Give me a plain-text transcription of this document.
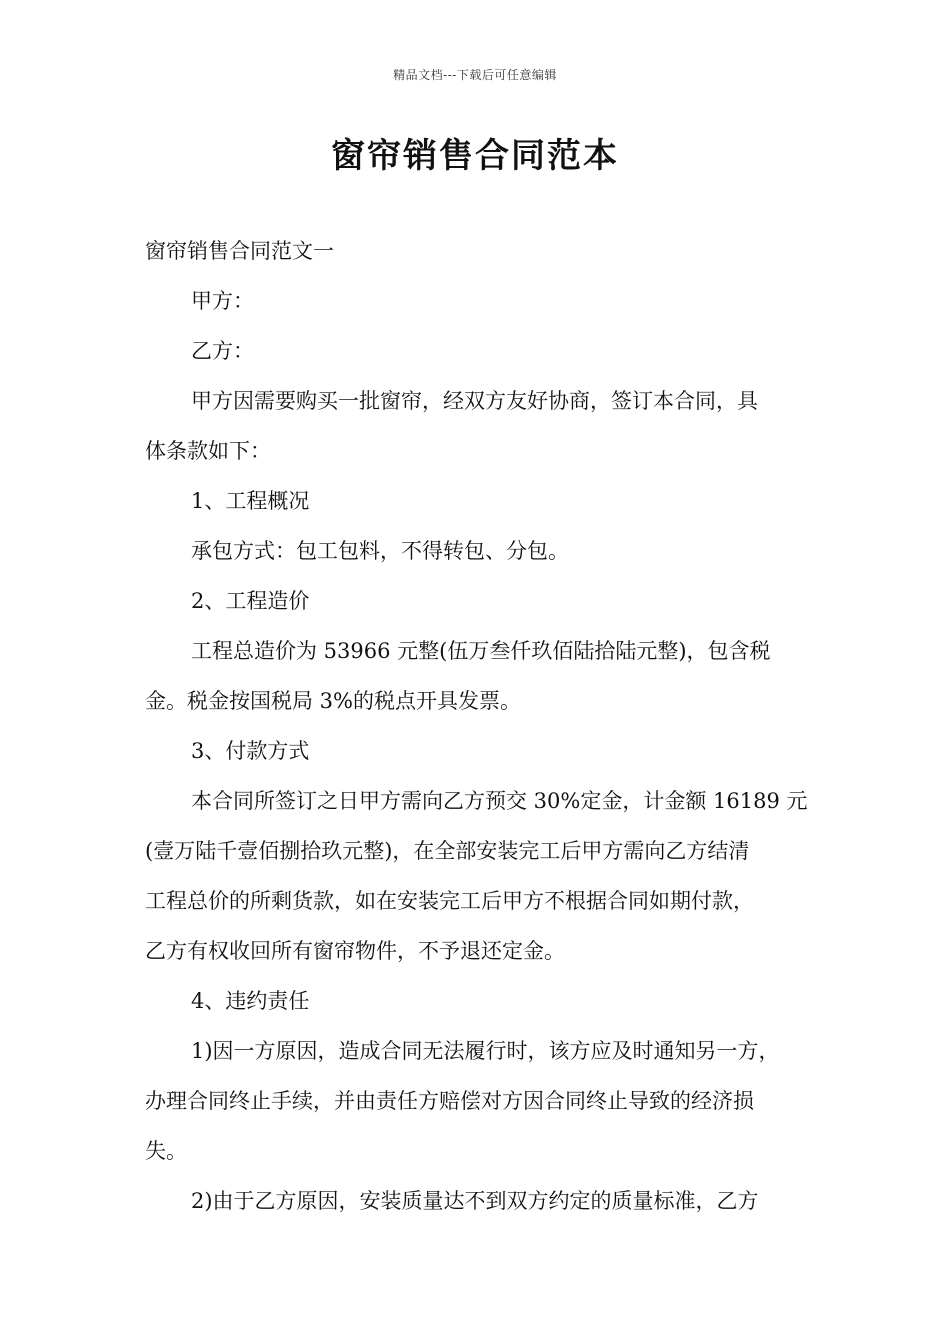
精品文档---下载后可任意编辑
窗帘销售合同范本

窗帘销售合同范文一

甲方：

乙方：

甲方因需要购买一批窗帘，经双方友好协商，签订本合同，具

体条款如下：

1、工程概况

承包方式：包工包料，不得转包、分包。

2、工程造价

工程总造价为 53966 元整(伍万叁仟玖佰陆拾陆元整)，包含税

金。税金按国税局 3%的税点开具发票。

3、付款方式

本合同所签订之日甲方需向乙方预交 30%定金，计金额 16189 元

(壹万陆千壹佰捌拾玖元整)，在全部安装完工后甲方需向乙方结清

工程总价的所剩货款，如在安装完工后甲方不根据合同如期付款，

乙方有权收回所有窗帘物件，不予退还定金。

4、违约责任

1)因一方原因，造成合同无法履行时，该方应及时通知另一方，

办理合同终止手续，并由责任方赔偿对方因合同终止导致的经济损

失。

2)由于乙方原因，安装质量达不到双方约定的质量标准，乙方
